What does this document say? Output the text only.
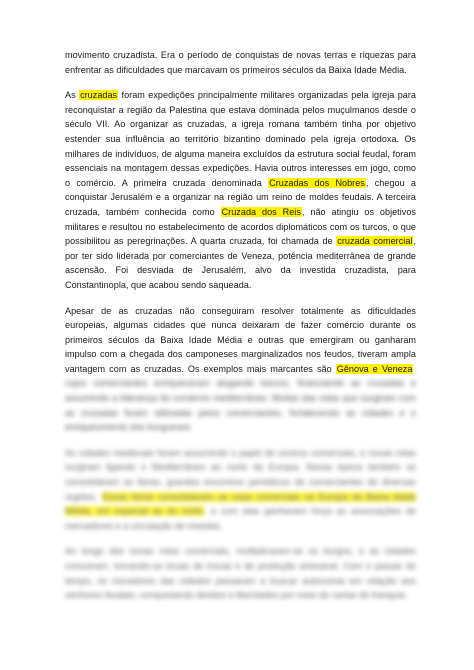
movimento cruzadista. Era o período de conquistas de novas terras e riquezas para enfrentar as dificuldades que marcavam os primeiros séculos da Baixa Idade Média.

As cruzadas foram expedições principalmente militares organizadas pela igreja para reconquistar a região da Palestina que estava dominada pelos muçulmanos desde o século VII. Ao organizar as cruzadas, a igreja romana também tinha por objetivo estender sua influência ao território bizantino dominado pela igreja ortodoxa. Os milhares de indivíduos, de alguma maneira excluídos da estrutura social feudal, foram essenciais na montagem dessas expedições. Havia outros interesses em jogo, como o comércio. A primeira cruzada denominada Cruzadas dos Nobres, chegou a conquistar Jerusalém e a organizar na região um reino de moldes feudais. A terceira cruzada, também conhecida como Cruzada dos Reis, não atingiu os objetivos militares e resultou no estabelecimento de acordos diplomáticos com os turcos, o que possibilitou as peregrinações. A quarta cruzada, foi chamada de cruzada comercial, por ter sido liderada por comerciantes de Veneza, potência mediterrânea de grande ascensão. Foi desviada de Jerusalém, alvo da investida cruzadista, para Constantinopla, que acabou sendo saqueada.

Apesar de as cruzadas não conseguiram resolver totalmente as dificuldades europeias, algumas cidades que nunca deixaram de fazer comércio durante os primeiros séculos da Baixa Idade Média e outras que emergiram ou ganharam impulso com a chegada dos camponeses marginalizados nos feudos, tiveram ampla vantagem com as cruzadas. Os exemplos mais marcantes são Gênova e Veneza, cujos comerciantes enriqueceram alugando barcos, financiando as cruzadas e assumindo a liderança do comércio mediterrâneo. Muitas das rotas que surgiram com as cruzadas foram utilizadas pelos comerciantes, fortalecendo as cidades e o enriquecimento dos burgueses.

As cidades medievais foram assumindo o papel de centros comerciais, e novas rotas surgiram ligando o Mediterrâneo ao norte da Europa. Nessa época também se consolidaram as feiras, grandes encontros periódicos de comerciantes de diversas regiões. Essas feiras consolidavam as rotas comerciais na Europa da Baixa Idade Média, em especial as do norte, e com elas ganhavam força as associações de mercadores e a circulação de moedas.

Ao longo das novas rotas comerciais, multiplicaram-se os burgos, e as cidades cresceram, tornando-se locais de trocas e de produção artesanal. Com o passar do tempo, os moradores das cidades passaram a buscar autonomia em relação aos senhores feudais, conquistando direitos e liberdades por meio de cartas de franquia.
